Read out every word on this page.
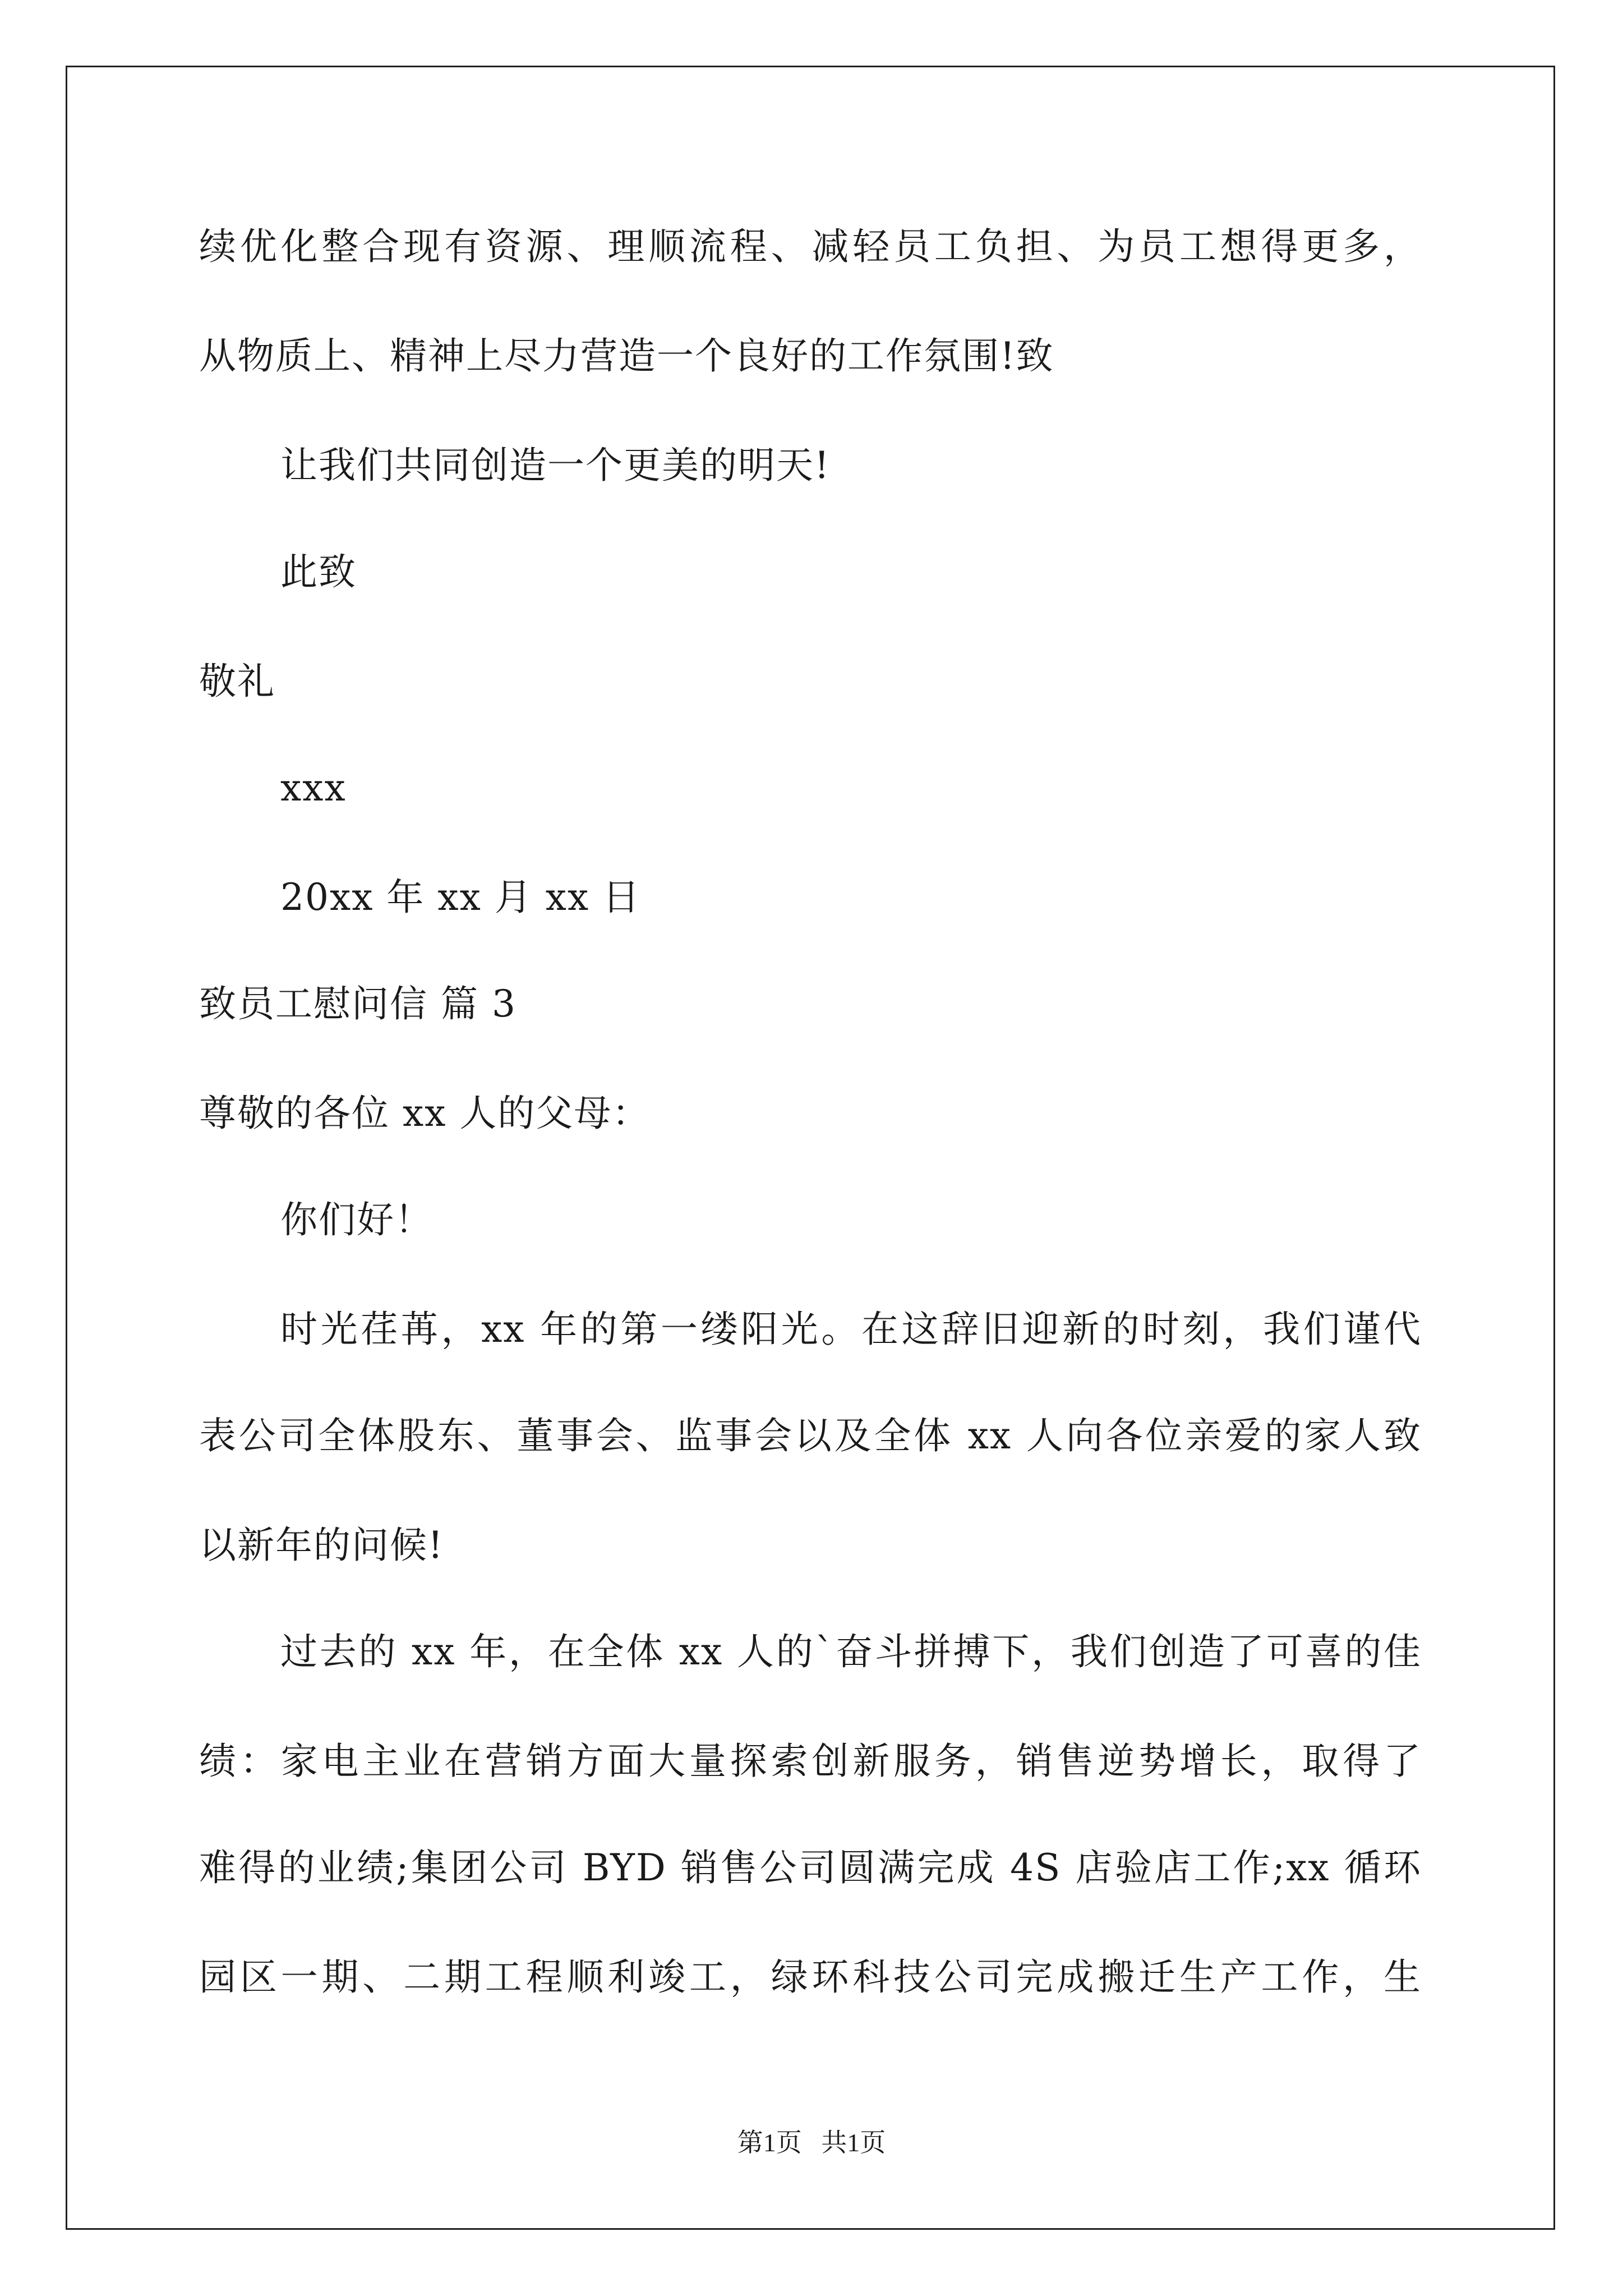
续优化整合现有资源、理顺流程、减轻员工负担、为员工想得更多，
从物质上、精神上尽力营造一个良好的工作氛围!致
让我们共同创造一个更美的明天!
此致
敬礼
xxx
20xx 年 xx 月 xx 日
致员工慰问信 篇 3
尊敬的各位 xx 人的父母：
你们好！
时光荏苒，xx 年的第一缕阳光。在这辞旧迎新的时刻，我们谨代
表公司全体股东、董事会、监事会以及全体 xx 人向各位亲爱的家人致
以新年的问候!
过去的 xx 年，在全体 xx 人的`奋斗拼搏下，我们创造了可喜的佳
绩：家电主业在营销方面大量探索创新服务，销售逆势增长，取得了
难得的业绩;集团公司 BYD 销售公司圆满完成 4S 店验店工作;xx 循环
园区一期、二期工程顺利竣工，绿环科技公司完成搬迁生产工作，生
第1页   共1页
